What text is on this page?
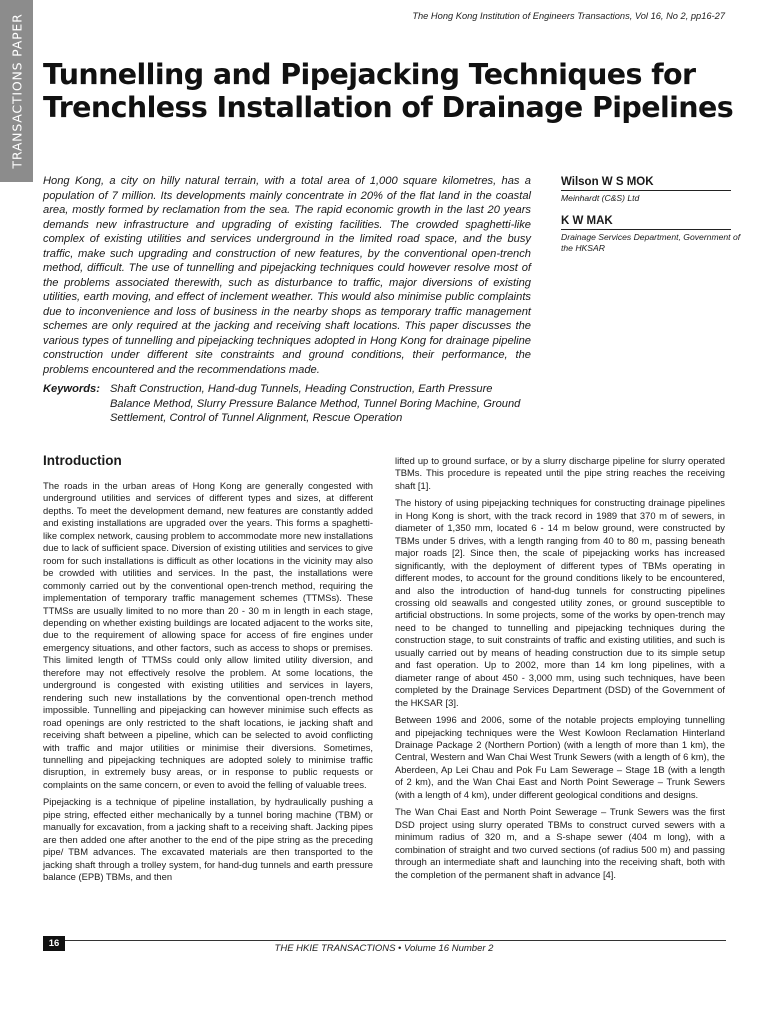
TRANSACTIONS PAPER	The Hong Kong Institution of Engineers Transactions, Vol 16, No 2, pp16-27
Tunnelling and Pipejacking Techniques for Trenchless Installation of Drainage Pipelines

Hong Kong, a city on hilly natural terrain, with a total area of 1,000 square kilometres, has a population of 7 million. Its developments mainly concentrate in 20% of the flat land in the coastal area, mostly formed by reclamation from the sea. The rapid economic growth in the last 20 years demands new infrastructure and upgrading of existing facilities. The crowded spaghetti-like complex of existing utilities and services underground in the limited road space, and the busy traffic, make such upgrading and construction of new features, by the conventional open-trench method, difficult. The use of tunnelling and pipejacking techniques could however resolve most of the problems associated therewith, such as disturbance to traffic, major diversions of existing utilities, earth moving, and effect of inclement weather. This would also minimise public complaints due to inconvenience and loss of business in the nearby shops as temporary traffic management schemes are only required at the jacking and receiving shaft locations. This paper discusses the various types of tunnelling and pipejacking techniques adopted in Hong Kong for drainage pipeline construction under different site constraints and ground conditions, their performance, the problems encountered and the recommendations made.

Wilson W S MOK
Meinhardt (C&S) Ltd
K W MAK
Drainage Services Department, Government of the HKSAR
Keywords: Shaft Construction, Hand-dug Tunnels, Heading Construction, Earth Pressure Balance Method, Slurry Pressure Balance Method, Tunnel Boring Machine, Ground Settlement, Control of Tunnel Alignment, Rescue Operation
Introduction

The roads in the urban areas of Hong Kong are generally congested with underground utilities and services of different types and sizes, at different depths. To meet the development demand, new features are constantly added and existing installations are upgraded over the years. This forms a spaghetti-like complex network, causing problem to accommodate more new installations due to lack of sufficient space. Diversion of existing utilities and services to give room for such installations is difficult as other locations in the vicinity may also be crowded with utilities and services. In the past, the installations were commonly carried out by the conventional open-trench method, requiring the implementation of temporary traffic management schemes (TTMSs). These TTMSs are usually limited to no more than 20 - 30 m in length in each stage, depending on whether existing buildings are located adjacent to the works site, due to the requirement of allowing space for access of fire engines under emergency situations, and other factors, such as access to shops or premises. This limited length of TTMSs could only allow limited utility diversion, and therefore may not effectively resolve the problem. At some locations, the underground is congested with existing utilities and services in layers, rendering such new installations by the conventional open-trench method impossible. Tunnelling and pipejacking can however minimise such effects as road openings are only restricted to the shaft locations, ie jacking shaft and receiving shaft between a pipeline, which can be selected to avoid conflicting with traffic and major utilities or minimise their diversions. Sometimes, tunnelling and pipejacking techniques are adopted solely to minimise traffic disruption, in extremely busy areas, or in response to public requests or complaints on the same concern, or even to avoid the felling of valuable trees.

Pipejacking is a technique of pipeline installation, by hydraulically pushing a pipe string, effected either mechanically by a tunnel boring machine (TBM) or manually for excavation, from a jacking shaft to a receiving shaft. Jacking pipes are then added one after another to the end of the pipe string as the preceding pipe/ TBM advances. The excavated materials are then transported to the jacking shaft through a trolley system, for hand-dug tunnels and earth pressure balance (EPB) TBMs, and then

lifted up to ground surface, or by a slurry discharge pipeline for slurry operated TBMs. This procedure is repeated until the pipe string reaches the receiving shaft [1].

The history of using pipejacking techniques for constructing drainage pipelines in Hong Kong is short, with the track record in 1989 that 370 m of sewers, in diameter of 1,350 mm, located 6 - 14 m below ground, were constructed by TBMs under 5 drives, with a length ranging from 40 to 80 m, passing beneath major roads [2]. Since then, the scale of pipejacking works has increased significantly, with the deployment of different types of TBMs operating in different modes, to account for the ground conditions likely to be encountered, and also the introduction of hand-dug tunnels for constructing pipelines crossing old seawalls and congested utility zones, or ground susceptible to artificial obstructions. In some projects, some of the works by open-trench may need to be changed to tunnelling and pipejacking techniques during the construction stage, to suit constraints of traffic and existing utilities, and such is usually carried out by means of heading construction due to its simple setup and fast operation. Up to 2002, more than 14 km long pipelines, with a diameter range of about 450 - 3,000 mm, using such techniques, have been completed by the Drainage Services Department (DSD) of the Government of the HKSAR [3].

Between 1996 and 2006, some of the notable projects employing tunnelling and pipejacking techniques were the West Kowloon Reclamation Hinterland Drainage Package 2 (Northern Portion) (with a length of more than 1 km), the Central, Western and Wan Chai West Trunk Sewers (with a length of 6 km), the Aberdeen, Ap Lei Chau and Pok Fu Lam Sewerage – Stage 1B (with a length of 2 km), and the Wan Chai East and North Point Sewerage – Trunk Sewers (with a length of 4 km), under different geological conditions and designs.

The Wan Chai East and North Point Sewerage – Trunk Sewers was the first DSD project using slurry operated TBMs to construct curved sewers with a minimum radius of 320 m, and a S-shape sewer (404 m long), with a combination of straight and two curved sections (of radius 500 m) and passing through an intermediate shaft and launching into the receiving shaft, both with the completion of the permanent shaft in advance [4].

16	THE HKIE TRANSACTIONS • Volume 16 Number 2
